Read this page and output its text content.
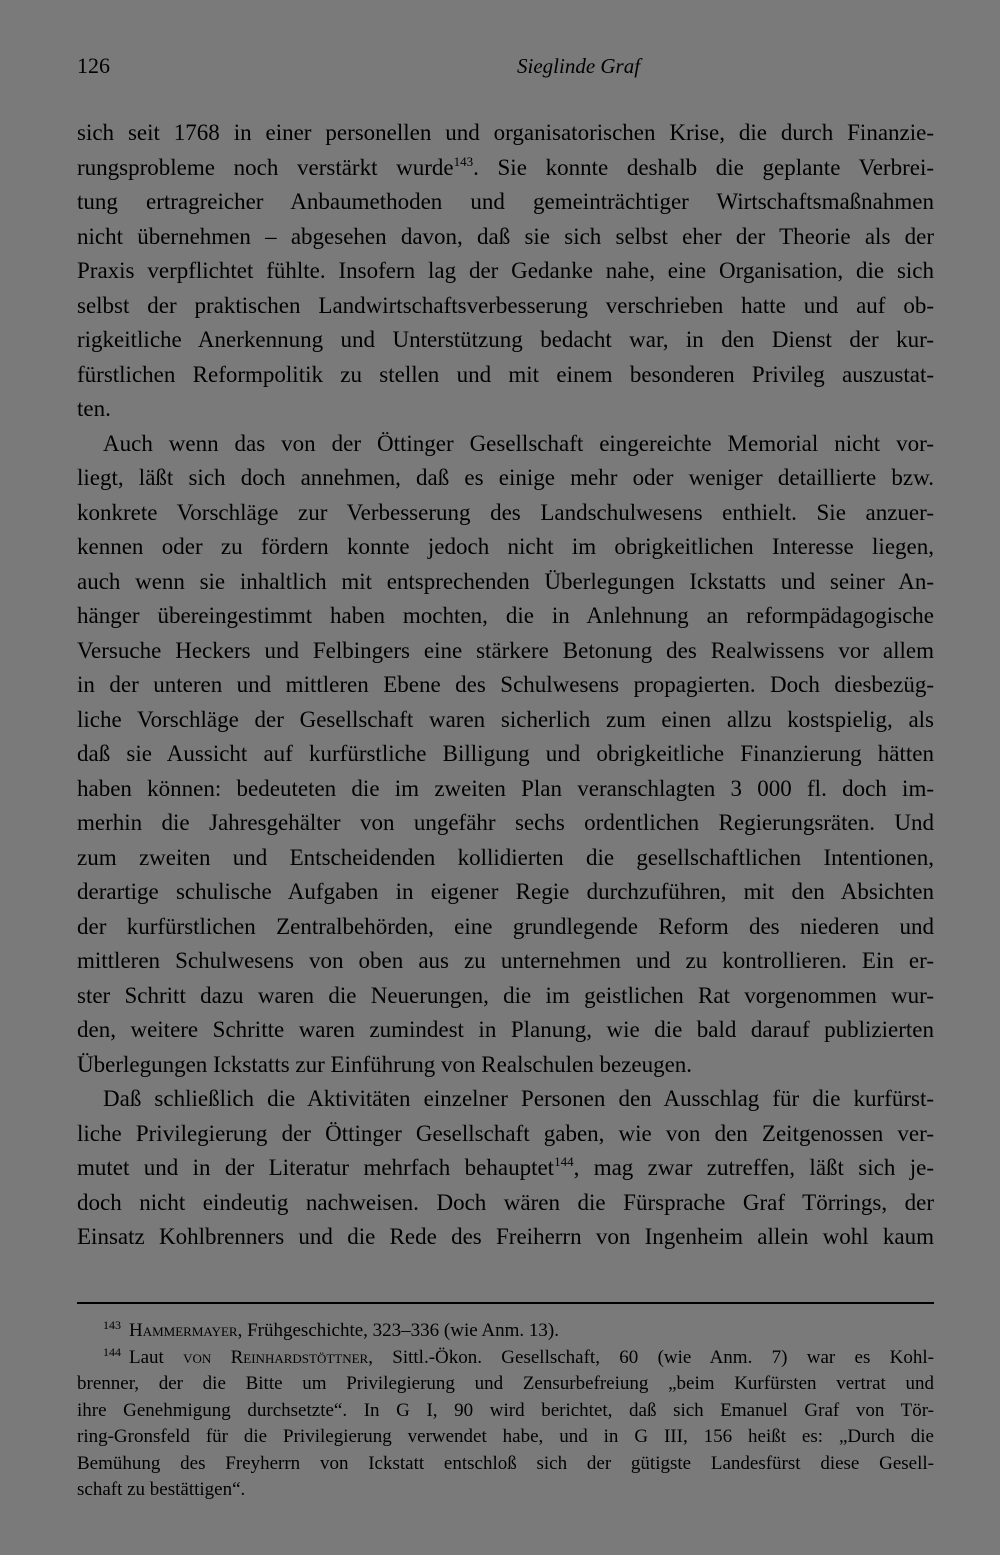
126	Sieglinde Graf
sich seit 1768 in einer personellen und organisatorischen Krise, die durch Finanzie-
rungsprobleme noch verstärkt wurde$^{143}$. Sie konnte deshalb die geplante Verbrei-
tung ertragreicher Anbaumethoden und gemeinträchtiger Wirtschaftsmaßnahmen
nicht übernehmen – abgesehen davon, daß sie sich selbst eher der Theorie als der
Praxis verpflichtet fühlte. Insofern lag der Gedanke nahe, eine Organisation, die sich
selbst der praktischen Landwirtschaftsverbesserung verschrieben hatte und auf ob-
rigkeitliche Anerkennung und Unterstützung bedacht war, in den Dienst der kur-
fürstlichen Reformpolitik zu stellen und mit einem besonderen Privileg auszustat-
ten.
Auch wenn das von der Öttinger Gesellschaft eingereichte Memorial nicht vor-
liegt, läßt sich doch annehmen, daß es einige mehr oder weniger detaillierte bzw.
konkrete Vorschläge zur Verbesserung des Landschulwesens enthielt. Sie anzuer-
kennen oder zu fördern konnte jedoch nicht im obrigkeitlichen Interesse liegen,
auch wenn sie inhaltlich mit entsprechenden Überlegungen Ickstatts und seiner An-
hänger übereingestimmt haben mochten, die in Anlehnung an reformpädagogische
Versuche Heckers und Felbingers eine stärkere Betonung des Realwissens vor allem
in der unteren und mittleren Ebene des Schulwesens propagierten. Doch diesbezüg-
liche Vorschläge der Gesellschaft waren sicherlich zum einen allzu kostspielig, als
daß sie Aussicht auf kurfürstliche Billigung und obrigkeitliche Finanzierung hätten
haben können: bedeuteten die im zweiten Plan veranschlagten 3 000 fl. doch im-
merhin die Jahresgehälter von ungefähr sechs ordentlichen Regierungsräten. Und
zum zweiten und Entscheidenden kollidierten die gesellschaftlichen Intentionen,
derartige schulische Aufgaben in eigener Regie durchzuführen, mit den Absichten
der kurfürstlichen Zentralbehörden, eine grundlegende Reform des niederen und
mittleren Schulwesens von oben aus zu unternehmen und zu kontrollieren. Ein er-
ster Schritt dazu waren die Neuerungen, die im geistlichen Rat vorgenommen wur-
den, weitere Schritte waren zumindest in Planung, wie die bald darauf publizierten
Überlegungen Ickstatts zur Einführung von Realschulen bezeugen.
Daß schließlich die Aktivitäten einzelner Personen den Ausschlag für die kurfürst-
liche Privilegierung der Öttinger Gesellschaft gaben, wie von den Zeitgenossen ver-
mutet und in der Literatur mehrfach behauptet$^{144}$, mag zwar zutreffen, läßt sich je-
doch nicht eindeutig nachweisen. Doch wären die Fürsprache Graf Törrings, der
Einsatz Kohlbrenners und die Rede des Freiherrn von Ingenheim allein wohl kaum
$^{143}$ Hammermayer, Frühgeschichte, 323–336 (wie Anm. 13).
$^{144}$ Laut von Reinhardstöttner, Sittl.-Ökon. Gesellschaft, 60 (wie Anm. 7) war es Kohl-
brenner, der die Bitte um Privilegierung und Zensurbefreiung „beim Kurfürsten vertrat und
ihre Genehmigung durchsetzte“. In G I, 90 wird berichtet, daß sich Emanuel Graf von Tör-
ring-Gronsfeld für die Privilegierung verwendet habe, und in G III, 156 heißt es: „Durch die
Bemühung des Freyherrn von Ickstatt entschloß sich der gütigste Landesfürst diese Gesell-
schaft zu bestättigen“.
